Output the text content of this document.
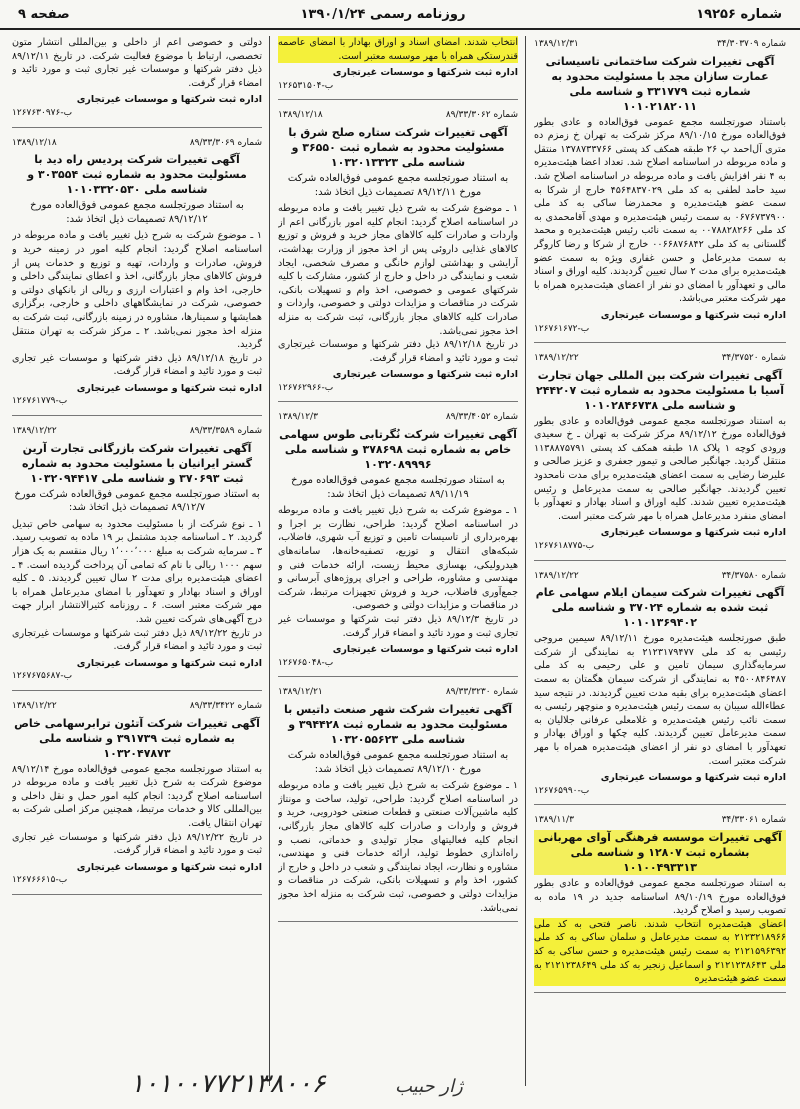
شماره ۱۹۲۵۶
روزنامه رسمی ۱۳۹۰/۱/۲۴
صفحه ۹
شماره ۳۴/۳۰۳۷۰۹
۱۳۸۹/۱۲/۳۱
آگهی تغییرات شرکت ساختمانی تاسیساتی عمارت سازان مجد با مسئولیت محدود به شماره ثبت ۳۳۱۷۷۹ و شناسه ملی ۱۰۱۰۲۱۸۲۰۱۱

باستناد صورتجلسه مجمع عمومی فوق‌العاده و عادی بطور فوق‌العاده مورخ ۸۹/۱۰/۱۵ مرکز شرکت به تهران خ زمزم ده متری آل‌احمد پ ۲۶ طبقه همکف کد پستی ۱۳۷۸۷۳۳۷۶۶ منتقل و ماده مربوطه در اساسنامه اصلاح شد. تعداد اعضا هیئت‌مدیره به ۴ نفر افزایش یافت و ماده مربوطه در اساسنامه اصلاح شد. سید حامد لطفی به کد ملی ۴۵۶۴۸۳۷۰۲۹ خارج از شرکا به سمت عضو هیئت‌مدیره و محمدرضا ساکی به کد ملی ۰۶۷۶۷۳۷۹۰۰ به سمت رئیس هیئت‌مدیره و مهدی آقا‌محمدی به کد ملی ۰۰۷۸۸۲۸۲۶۶ به سمت نائب رئیس هیئت‌مدیره و محمد گلستانی به کد ملی ۰۰۶۶۸۷۶۸۴۲ خارج از شرکا و رضا کاروگر به سمت مدیرعامل و حسن غفاری ویژه به سمت عضو هیئت‌مدیره برای مدت ۲ سال تعیین گردیدند. کلیه اوراق و اسناد مالی و تعهدآور با امضای دو نفر از اعضای هیئت‌مدیره همراه با مهر شرکت معتبر می‌باشد.

اداره ثبت شرکتها و موسسات غیرتجاری
ب-۱۲۶۷۶۱۶۷۲
شماره ۳۴/۳۷۵۲۰
۱۳۸۹/۱۲/۲۲
آگهی تغییرات شرکت بین المللی جهان تجارت آسیا با مسئولیت محدود به شماره ثبت ۲۴۴۲۰۷ و شناسه ملی ۱۰۱۰۲۸۴۶۷۳۸

به استناد صورتجلسه مجمع عمومی فوق‌العاده و عادی بطور فوق‌العاده مورخ ۸۹/۱۲/۱۲ مرکز شرکت به تهران ـ خ سعیدی ورودی کوچه ۱ پلاک ۱۸ طبقه همکف کد پستی ۱۱۳۸۸۷۵۷۹۱ منتقل گردید. جهانگیر صالحی و تیمور جعفری و عزیز صالحی و علیرضا رضایی به سمت اعضای هیئت‌مدیره برای مدت نامحدود تعیین گردیدند. جهانگیر صالحی به سمت مدیرعامل و رئیس هیئت‌مدیره تعیین شدند. کلیه اوراق و اسناد بهادار و تعهدآور با امضای منفرد مدیرعامل همراه با مهر شرکت معتبر است.

اداره ثبت شرکتها و موسسات غیرتجاری
ب-۱۲۶۷۶۱۸۷۷۵
شماره ۳۴/۳۷۵۸۰
۱۳۸۹/۱۲/۲۲
آگهی تغییرات شرکت سیمان ایلام سهامی عام ثبت شده به شماره ۳۷۰۲۴ و شناسه ملی ۱۰۱۰۱۳۶۹۴۰۲

طبق صورتجلسه هیئت‌مدیره مورخ ۸۹/۱۲/۱۱ سیمین مروجی رئیسی به کد ملی ۲۱۲۳۱۷۹۴۷۷ به نمایندگی از شرکت سرمایه‌گذاری سیمان تامین و علی رحیمی به کد ملی ۴۵۰۰۸۴۶۴۸۷ به نمایندگی از شرکت سیمان هگمتان به سمت اعضای هیئت‌مدیره برای بقیه مدت تعیین گردیدند. در نتیجه سید عطاءالله سیبان به سمت رئیس هیئت‌مدیره و منوچهر رئیسی به سمت نائب رئیس هیئت‌مدیره و غلامعلی عرفانی جلالیان به سمت مدیرعامل تعیین گردیدند. کلیه چکها و اوراق بهادار و تعهدآور با امضای دو نفر از اعضای هیئت‌مدیره همراه با مهر شرکت معتبر است.

اداره ثبت شرکتها و موسسات غیرتجاری
ب-۱۲۶۷۶۵۹۹۰
شماره ۳۴/۳۳۰۶۱
۱۳۸۹/۱۱/۳
آگهی تغییرات موسسه فرهنگی آوای مهربانی بشماره ثبت ۱۲۸۰۷ و شناسه ملی ۱۰۱۰۰۴۹۳۳۱۳

به استناد صورتجلسه مجمع عمومی فوق‌العاده و عادی بطور فوق‌العاده مورخ ۸۹/۱۰/۱۹ اساسنامه جدید در ۱۹ ماده به تصویب رسید و اصلاح گردید.

اعضای هیئت‌مدیره انتخاب شدند. ناصر فتحی به کد ملی ۲۱۲۳۲۱۸۹۶۶ به سمت مدیرعامل و سلمان ساکی به کد ملی ۲۱۲۱۵۹۶۳۹۲ به سمت رئیس هیئت‌مدیره و حسن ساکی به کد ملی ۲۱۲۱۲۳۸۶۴۳ و اسماعیل زنجیر به کد ملی ۲۱۲۱۲۳۸۶۴۹ به سمت عضو هیئت‌مدیره

انتخاب شدند. امضای اسناد و اوراق بهادار با امضای عاصمه قندرستکی همراه با مهر موسسه معتبر است.

اداره ثبت شرکتها و موسسات غیرتجاری
ب-۱۲۶۵۳۱۵۰۴
شماره ۸۹/۳۳/۳۰۶۲
۱۳۸۹/۱۲/۱۸
آگهی تغییرات شرکت ستاره صلح شرق با مسئولیت محدود به شماره ثبت ۳۶۵۵۰ و شناسه ملی ۱۰۳۲۰۱۳۳۲۳
به استناد صورتجلسه مجمع عمومی فوق‌العاده شرکت مورخ ۸۹/۱۲/۱۱ تصمیمات ذیل اتخاذ شد:

۱ ـ موضوع شرکت به شرح ذیل تغییر یافت و ماده مربوطه در اساسنامه اصلاح گردید: انجام کلیه امور بازرگانی اعم از واردات و صادرات کلیه کالاهای مجاز خرید و فروش و توزیع کالاهای غذایی داروئی پس از اخذ مجوز از وزارت بهداشت، آرایشی و بهداشتی لوازم خانگی و مصرف شخصی، ایجاد شعب و نمایندگی در داخل و خارج از کشور، مشارکت با کلیه شرکتهای عمومی و خصوصی، اخذ وام و تسهیلات بانکی، شرکت در مناقصات و مزایدات دولتی و خصوصی، واردات و صادرات کلیه کالاهای مجاز بازرگانی، ثبت شرکت به منزله اخذ مجوز نمی‌باشد.

در تاریخ ۸۹/۱۲/۱۸ ذیل دفتر شرکتها و موسسات غیرتجاری ثبت و مورد تائید و امضاء قرار گرفت.

اداره ثبت شرکتها و موسسات غیرتجاری
ب-۱۲۶۷۶۲۹۶۶
شماره ۸۹/۳۳/۴۰۵۲
۱۳۸۹/۱۲/۳
آگهی تغییرات شرکت نُگرتابی طوس سهامی خاص به شماره ثبت ۳۷۸۶۹۸ و شناسه ملی ۱۰۳۲۰۸۹۹۹۶
به استناد صورتجلسه مجمع عمومی فوق‌العاده مورخ ۸۹/۱۱/۱۹ تصمیمات ذیل اتخاذ شد:

۱ ـ موضوع شرکت به شرح ذیل تغییر یافت و ماده مربوطه در اساسنامه اصلاح گردید: طراحی، نظارت بر اجرا و بهره‌برداری از تاسیسات تامین و توزیع آب شهری، فاضلاب، شبکه‌های انتقال و توزیع، تصفیه‌خانه‌ها، سامانه‌های هیدرولیکی، بهسازی محیط زیست، ارائه خدمات فنی و مهندسی و مشاوره، طراحی و اجرای پروژه‌های آبرسانی و جمع‌آوری فاضلاب، خرید و فروش تجهیزات مرتبط، شرکت در مناقصات و مزایدات دولتی و خصوصی.

در تاریخ ۸۹/۱۲/۳ ذیل دفتر ثبت شرکتها و موسسات غیر تجاری ثبت و مورد تائید و امضاء قرار گرفت.

اداره ثبت شرکتها و موسسات غیرتجاری
ب-۱۲۶۷۶۵۰۴۸
شماره ۸۹/۳۳/۳۲۳۰
۱۳۸۹/۱۲/۲۱
آگهی تغییرات شرکت شهر صنعت داتیس با مسئولیت محدود به شماره ثبت ۳۹۴۴۲۸ و شناسه ملی ۱۰۳۲۰۵۵۶۲۳
به استناد صورتجلسه مجمع عمومی فوق‌العاده شرکت مورخ ۸۹/۱۲/۱۰ تصمیمات ذیل اتخاذ شد:

۱ ـ موضوع شرکت به شرح ذیل تغییر یافت و ماده مربوطه در اساسنامه اصلاح گردید: طراحی، تولید، ساخت و مونتاژ کلیه ماشین‌آلات صنعتی و قطعات صنعتی خودرویی، خرید و فروش و واردات و صادرات کلیه کالاهای مجاز بازرگانی، انجام کلیه فعالیتهای مجاز تولیدی و خدماتی، نصب و راه‌اندازی خطوط تولید، ارائه خدمات فنی و مهندسی، مشاوره و نظارت، ایجاد نمایندگی و شعب در داخل و خارج از کشور، اخذ وام و تسهیلات بانکی، شرکت در مناقصات و مزایدات دولتی و خصوصی، ثبت شرکت به منزله اخذ مجوز نمی‌باشد.

دولتی و خصوصی اعم از داخلی و بین‌المللی انتشار متون تخصصی، ارتباط با موضوع فعالیت شرکت. در تاریخ ۸۹/۱۲/۱۱ ذیل دفتر شرکتها و موسسات غیر تجاری ثبت و مورد تائید و امضاء قرار گرفت.

اداره ثبت شرکتها و موسسات غیرتجاری
ب-۱۲۶۷۶۳۰۹۷۶
شماره ۸۹/۳۳/۳۰۶۹
۱۳۸۹/۱۲/۱۸
آگهی تغییرات شرکت پردیس راه دید با مسئولیت محدود به شماره ثبت ۳۰۳۵۵۴ و شناسه ملی ۱۰۱۰۳۳۲۰۵۳۰
به استناد صورتجلسه مجمع عمومی فوق‌العاده مورخ ۸۹/۱۲/۱۲ تصمیمات ذیل اتخاذ شد:

۱ ـ موضوع شرکت به شرح ذیل تغییر یافت و ماده مربوطه در اساسنامه اصلاح گردید: انجام کلیه امور در زمینه خرید و فروش، صادرات و واردات، تهیه و توزیع و خدمات پس از فروش کالاهای مجاز بازرگانی، اخذ و اعطای نمایندگی داخلی و خارجی، اخذ وام و اعتبارات ارزی و ریالی از بانکهای دولتی و خصوصی، شرکت در نمایشگاههای داخلی و خارجی، برگزاری همایشها و سمینارها، مشاوره در زمینه بازرگانی، ثبت شرکت به منزله اخذ مجوز نمی‌باشد. ۲ ـ مرکز شرکت به تهران منتقل گردید.

در تاریخ ۸۹/۱۲/۱۸ ذیل دفتر شرکتها و موسسات غیر تجاری ثبت و مورد تائید و امضاء قرار گرفت.

اداره ثبت شرکتها و موسسات غیرتجاری
ب-۱۲۶۷۶۱۷۷۹
شماره ۸۹/۳۳/۳۵۸۹
۱۳۸۹/۱۲/۲۲
آگهی تغییرات شرکت بازرگانی تجارت آرین گستر ایرانیان با مسئولیت محدود به شماره ثبت ۳۷۰۶۹۳ و شناسه ملی ۱۰۳۲۰۹۴۴۱۷
به استناد صورتجلسه مجمع عمومی فوق‌العاده شرکت مورخ ۸۹/۱۲/۷ تصمیمات ذیل اتخاذ شد:

۱ ـ نوع شرکت از با مسئولیت محدود به سهامی خاص تبدیل گردید. ۲ ـ اساسنامه جدید مشتمل بر ۱۹ ماده به تصویب رسید. ۳ ـ سرمایه شرکت به مبلغ ۱٬۰۰۰٬۰۰۰ ریال منقسم به یک هزار سهم ۱۰۰۰ ریالی با نام که تمامی آن پرداخت گردیده است. ۴ ـ اعضای هیئت‌مدیره برای مدت ۲ سال تعیین گردیدند. ۵ ـ کلیه اوراق و اسناد بهادار و تعهدآور با امضای مدیرعامل همراه با مهر شرکت معتبر است. ۶ ـ روزنامه کثیرالانتشار ابرار جهت درج آگهی‌های شرکت تعیین شد.

در تاریخ ۸۹/۱۲/۲۲ ذیل دفتر ثبت شرکتها و موسسات غیرتجاری ثبت و مورد تائید و امضاء قرار گرفت.

اداره ثبت شرکتها و موسسات غیرتجاری
ب-۱۲۶۷۶۷۵۶۸۷
شماره ۸۹/۳۳/۳۴۲۲
۱۳۸۹/۱۲/۲۲
آگهی تغییرات شرکت آتئون ترابرسهامی خاص به شماره ثبت ۳۹۱۷۳۹ و شناسه ملی ۱۰۳۲۰۴۷۸۷۳

به استناد صورتجلسه مجمع عمومی فوق‌العاده مورخ ۸۹/۱۲/۱۴ موضوع شرکت به شرح ذیل تغییر یافت و ماده مربوطه در اساسنامه اصلاح گردید: انجام کلیه امور حمل و نقل داخلی و بین‌المللی کالا و خدمات مرتبط، همچنین مرکز اصلی شرکت به تهران انتقال یافت.

در تاریخ ۸۹/۱۲/۲۲ ذیل دفتر شرکتها و موسسات غیر تجاری ثبت و مورد تائید و امضاء قرار گرفت.

اداره ثبت شرکتها و موسسات غیرتجاری
ب-۱۲۶۷۶۶۶۱۵
۱۰۱۰۰۷۷۲۱۳۸۰۰۶	ژار حبیب
